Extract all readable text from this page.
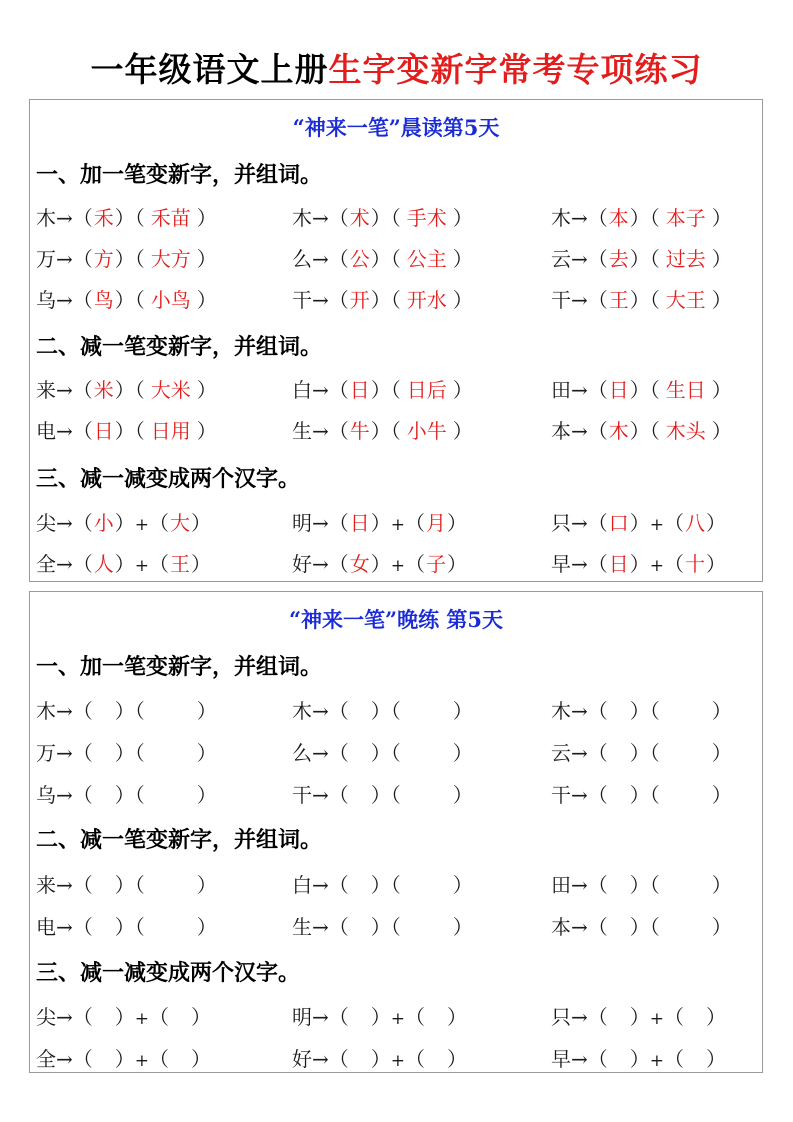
一年级语文上册生字变新字常考专项练习
“神来一笔”晨读第5天
一、加一笔变新字，并组词。
木→（禾）（ 禾苗 ）	木→（术）（ 手术 ）	木→（本）（ 本子 ）
万→（方）（ 大方 ）	么→（公）（ 公主 ）	云→（去）（ 过去 ）
乌→（鸟）（ 小鸟 ）	干→（开）（ 开水 ）	干→（王）（ 大王 ）
二、减一笔变新字，并组词。
来→（米）（ 大米 ）	白→（日）（ 日后 ）	田→（日）（ 生日 ）
电→（日）（ 日用 ）	生→（牛）（ 小牛 ）	本→（木）（ 木头 ）
三、减一减变成两个汉字。
尖→（小）+（大）	明→（日）+（月）	只→（口）+（八）
全→（人）+（王）	好→（女）+（子）	早→（日）+（十）
“神来一笔”晚练 第5天
一、加一笔变新字，并组词。
木→（ ）（	）	木→（ ）（	）	木→（ ）（	）
万→（ ）（	）	么→（ ）（	）	云→（ ）（	）
乌→（ ）（	）	干→（ ）（	）	干→（ ）（	）
二、减一笔变新字，并组词。
来→（ ）（	）	白→（ ）（	）	田→（ ）（	）
电→（ ）（	）	生→（ ）（	）	本→（ ）（	）
三、减一减变成两个汉字。
尖→（ ）+（ ）	明→（ ）+（ ）	只→（ ）+（ ）
全→（ ）+（ ）	好→（ ）+（ ）	早→（ ）+（ ）
